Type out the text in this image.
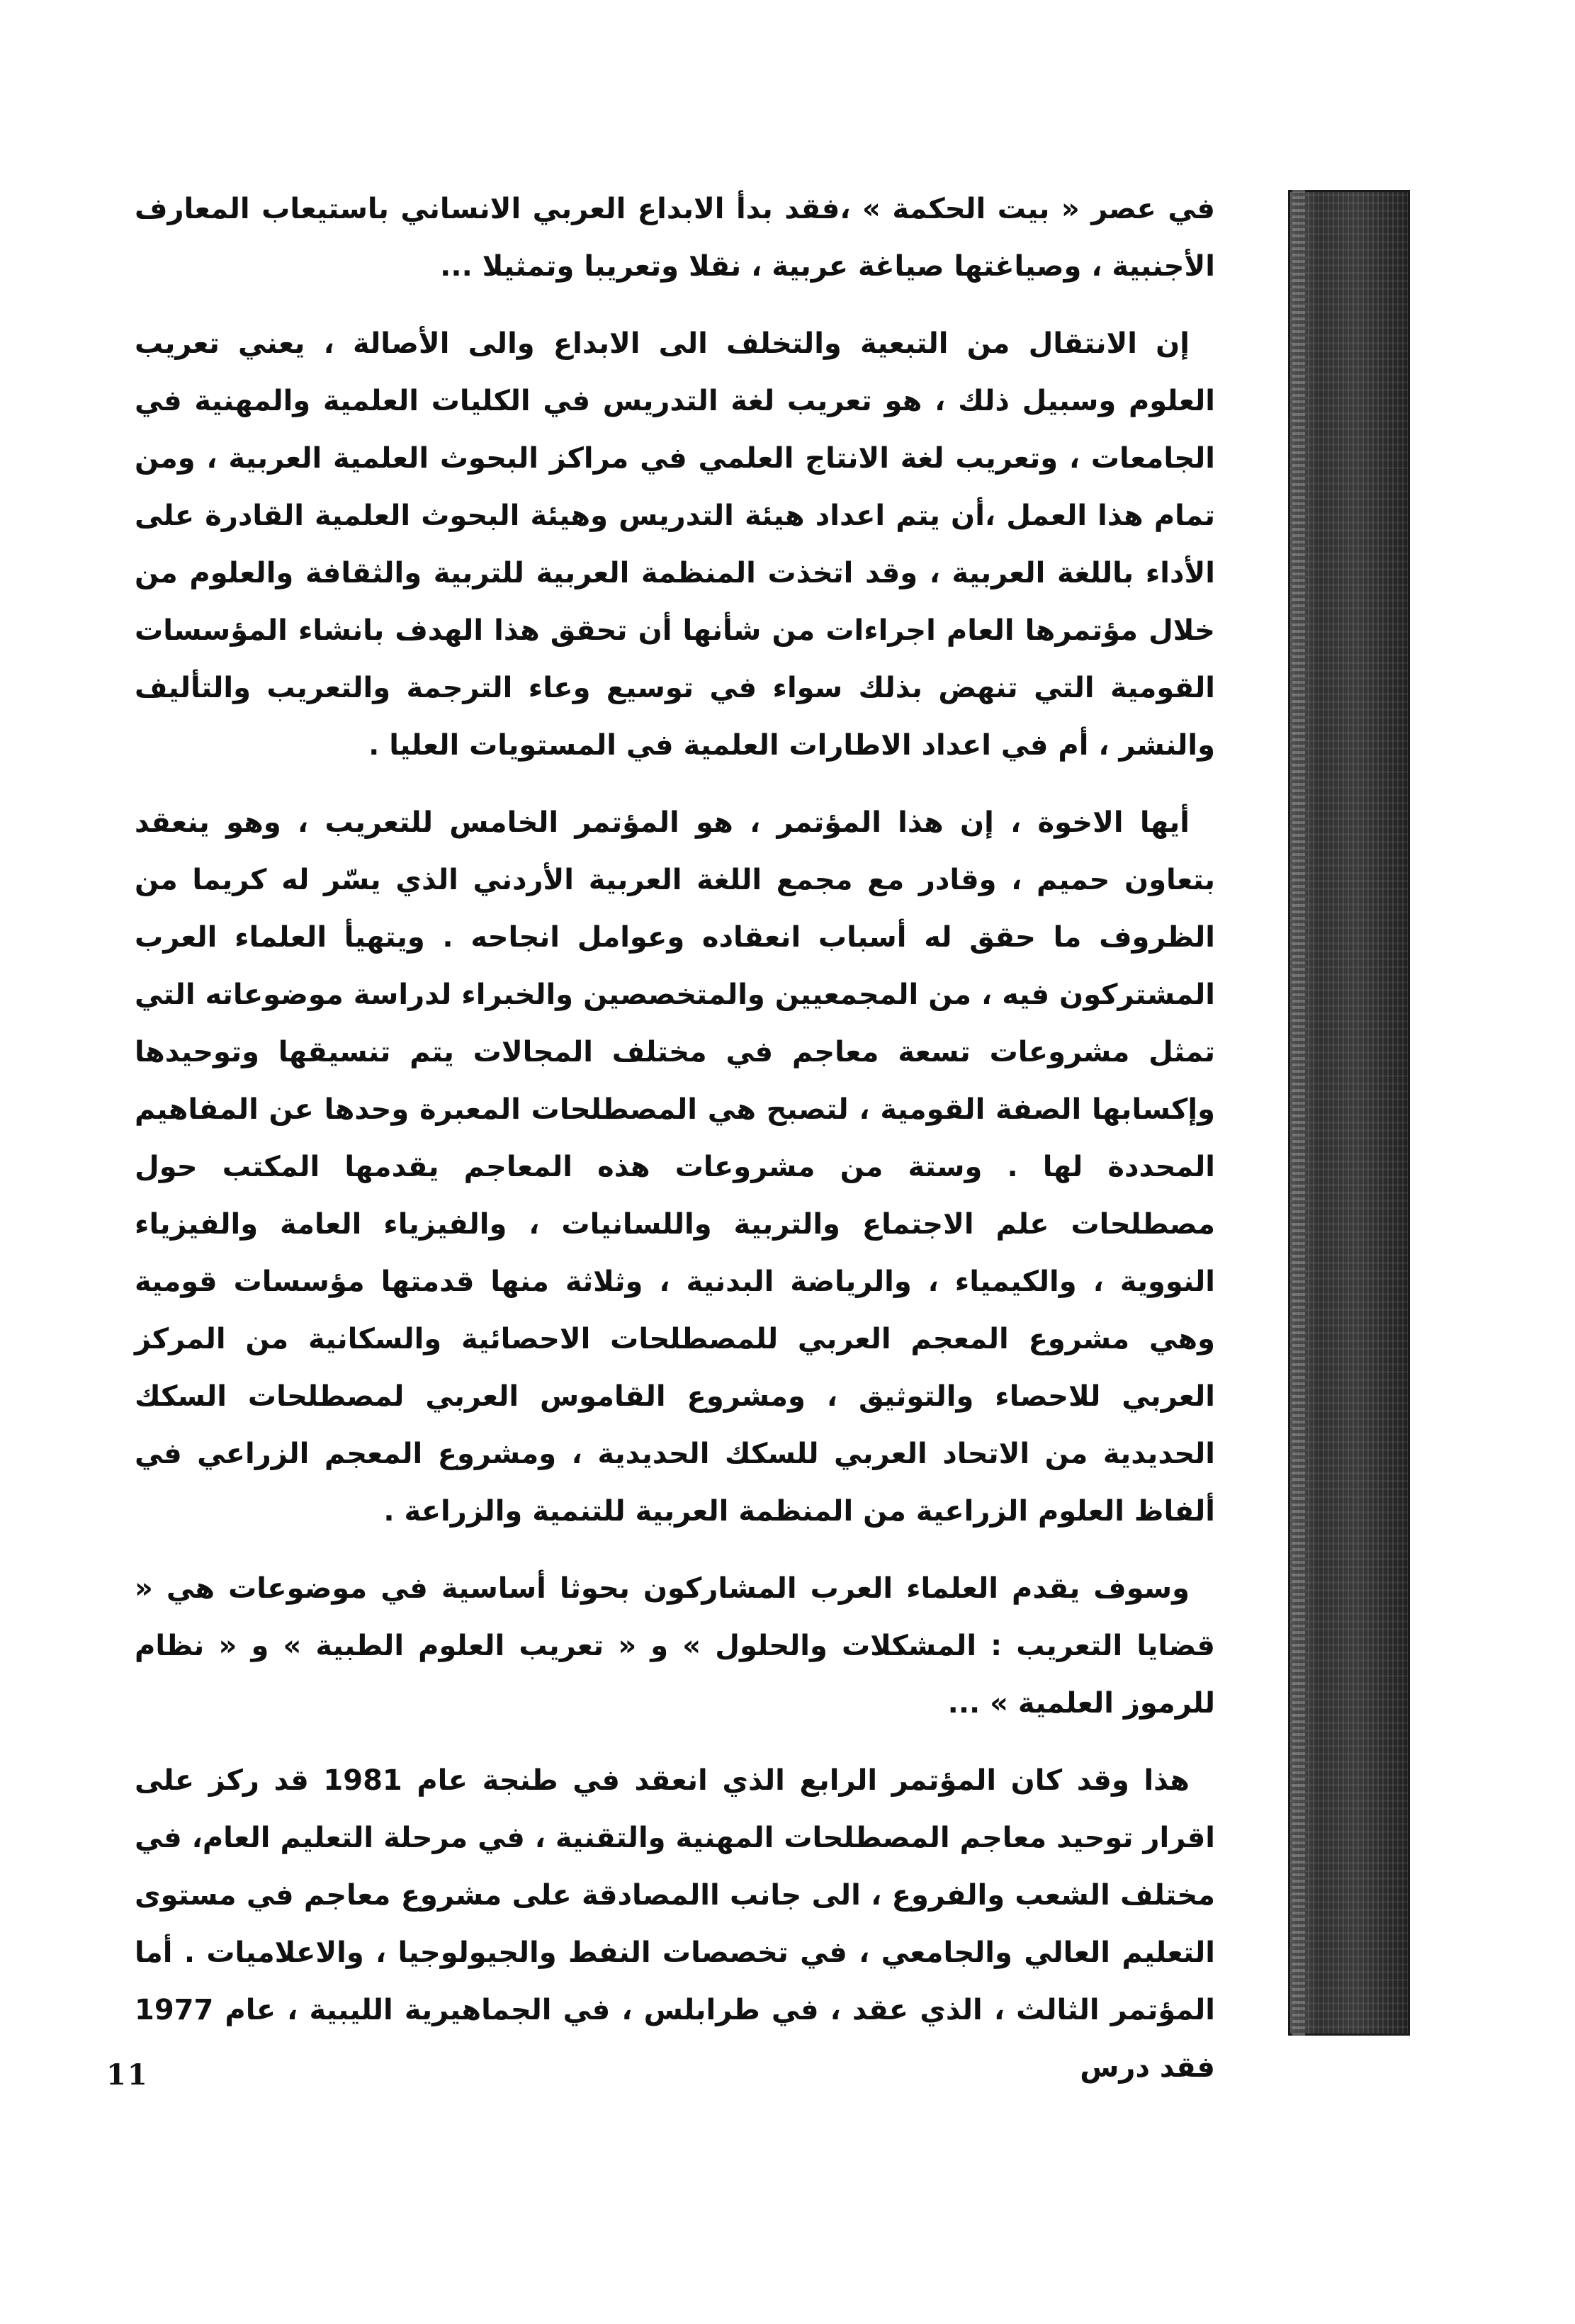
في عصر « بيت الحكمة » ،فقد بدأ الابداع العربي الانساني باستيعاب المعارف الأجنبية ، وصياغتها صياغة عربية ، نقلا وتعريبا وتمثيلا ...

إن الانتقال من التبعية والتخلف الى الابداع والى الأصالة ، يعني تعريب العلوم وسبيل ذلك ، هو تعريب لغة التدريس في الكليات العلمية والمهنية في الجامعات ، وتعريب لغة الانتاج العلمي في مراكز البحوث العلمية العربية ، ومن تمام هذا العمل ،أن يتم اعداد هيئة التدريس وهيئة البحوث العلمية القادرة على الأداء باللغة العربية ، وقد اتخذت المنظمة العربية للتربية والثقافة والعلوم من خلال مؤتمرها العام اجراءات من شأنها أن تحقق هذا الهدف بانشاء المؤسسات القومية التي تنهض بذلك سواء في توسيع وعاء الترجمة والتعريب والتأليف والنشر ، أم في اعداد الاطارات العلمية في المستويات العليا .

أيها الاخوة ، إن هذا المؤتمر ، هو المؤتمر الخامس للتعريب ، وهو ينعقد بتعاون حميم ، وقادر مع مجمع اللغة العربية الأردني الذي يسّر له كريما من الظروف ما حقق له أسباب انعقاده وعوامل انجاحه . ويتهيأ العلماء العرب المشتركون فيه ، من المجمعيين والمتخصصين والخبراء لدراسة موضوعاته التي تمثل مشروعات تسعة معاجم في مختلف المجالات يتم تنسيقها وتوحيدها وإكسابها الصفة القومية ، لتصبح هي المصطلحات المعبرة وحدها عن المفاهيم المحددة لها . وستة من مشروعات هذه المعاجم يقدمها المكتب حول مصطلحات علم الاجتماع والتربية واللسانيات ، والفيزياء العامة والفيزياء النووية ، والكيمياء ، والرياضة البدنية ، وثلاثة منها قدمتها مؤسسات قومية وهي مشروع المعجم العربي للمصطلحات الاحصائية والسكانية من المركز العربي للاحصاء والتوثيق ، ومشروع القاموس العربي لمصطلحات السكك الحديدية من الاتحاد العربي للسكك الحديدية ، ومشروع المعجم الزراعي في ألفاظ العلوم الزراعية من المنظمة العربية للتنمية والزراعة .

وسوف يقدم العلماء العرب المشاركون بحوثا أساسية في موضوعات هي « قضايا التعريب : المشكلات والحلول » و « تعريب العلوم الطبية » و « نظام للرموز العلمية » ...

هذا وقد كان المؤتمر الرابع الذي انعقد في طنجة عام 1981 قد ركز على اقرار توحيد معاجم المصطلحات المهنية والتقنية ، في مرحلة التعليم العام، في مختلف الشعب والفروع ، الى جانب االمصادقة على مشروع معاجم في مستوى التعليم العالي والجامعي ، في تخصصات النفط والجيولوجيا ، والاعلاميات . أما المؤتمر الثالث ، الذي عقد ، في طرابلس ، في الجماهيرية الليبية ، عام 1977 فقد درس

11
